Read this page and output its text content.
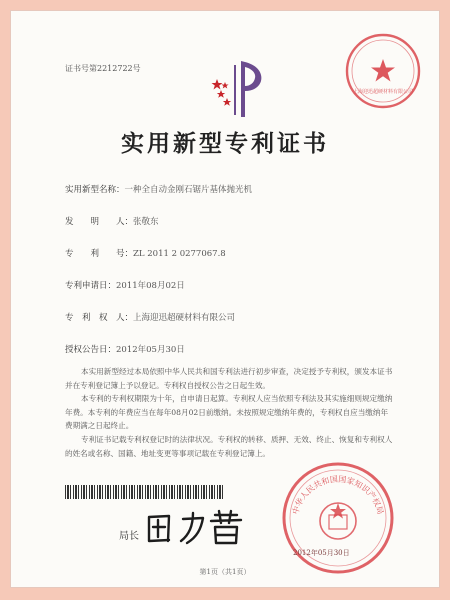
证书号第2212722号
上海迎迅超硬材料有限公司
实用新型专利证书
实用新型名称：一种全自动金刚石锯片基体抛光机
发　　明　　人：张敬东
专　　利　　号：ZL 2011 2 0277067.8
专利申请日：2011年08月02日
专　利　权　人：上海迎迅超硬材料有限公司
授权公告日：2012年05月30日

本实用新型经过本局依照中华人民共和国专利法进行初步审查，决定授予专利权，颁发本证书并在专利登记簿上予以登记。专利权自授权公告之日起生效。

本专利的专利权期限为十年，自申请日起算。专利权人应当依照专利法及其实施细则规定缴纳年费。本专利的年费应当在每年08月02日前缴纳。未按照规定缴纳年费的，专利权自应当缴纳年费期满之日起终止。

专利证书记载专利权登记时的法律状况。专利权的转移、质押、无效、终止、恢复和专利权人的姓名或名称、国籍、地址变更等事项记载在专利登记簿上。

局长
中华人民共和国国家知识产权局
2012年05月30日
第1页（共1页）
